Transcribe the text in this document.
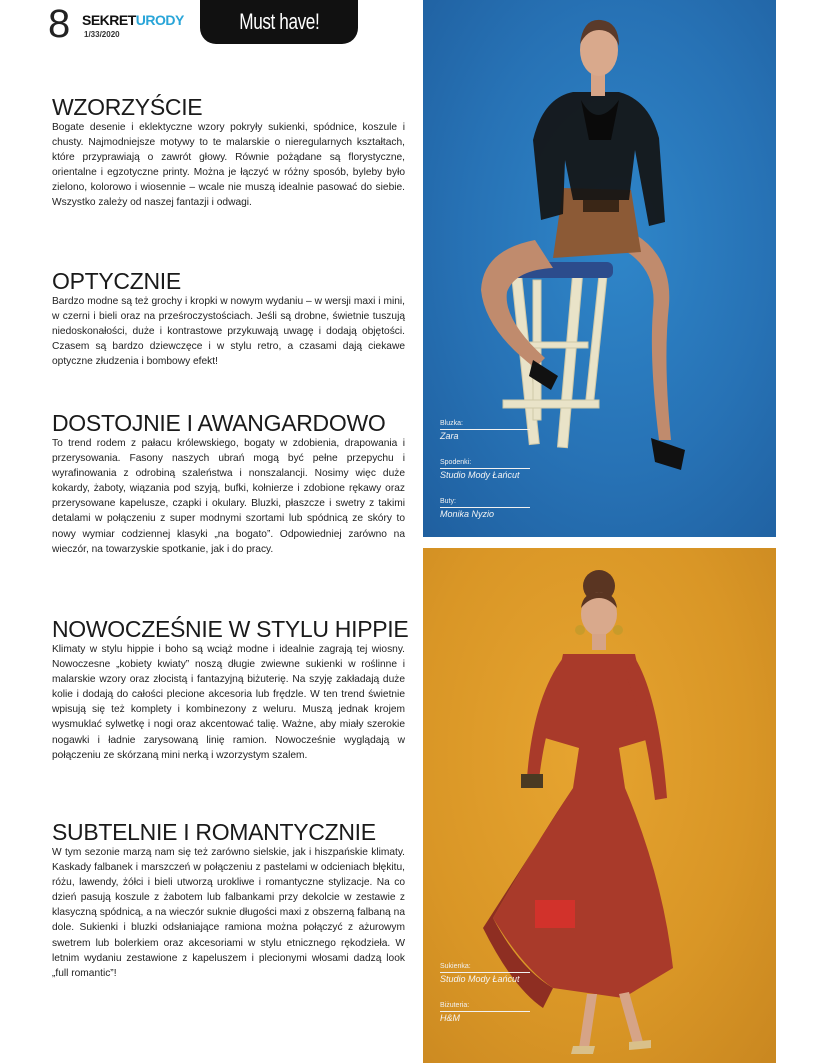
8 SEKRETURODY
1/33/2020
Must have!
WZORZYŚCIE

Bogate desenie i eklektyczne wzory pokryły sukienki, spódnice, koszule i chusty. Najmodniejsze motywy to te malarskie o nieregularnych kształtach, które przyprawiają o zawrót głowy. Równie pożądane są florystyczne, orientalne i egzotyczne printy. Można je łączyć w różny sposób, byleby było zielono, kolorowo i wiosennie – wcale nie muszą idealnie pasować do siebie. Wszystko zależy od naszej fantazji i odwagi.

OPTYCZNIE

Bardzo modne są też grochy i kropki w nowym wydaniu – w wersji maxi i mini, w czerni i bieli oraz na prześroczystościach. Jeśli są drobne, świetnie tuszują niedoskonałości, duże i kontrastowe przykuwają uwagę i dodają objętości. Czasem są bardzo dziewczęce i w stylu retro, a czasami dają ciekawe optyczne złudzenia i bombowy efekt!

DOSTOJNIE I AWANGARDOWO

To trend rodem z pałacu królewskiego, bogaty w zdobienia, drapowania i przerysowania. Fasony naszych ubrań mogą być pełne przepychu i wyrafinowania z odrobiną szaleństwa i nonszalancji. Nosimy więc duże kokardy, żaboty, wiązania pod szyją, bufki, kołnierze i zdobione rękawy oraz przerysowane kapelusze, czapki i okulary. Bluzki, płaszcze i swetry z takimi detalami w połączeniu z super modnymi szortami lub spódnicą ze skóry to nowy wymiar codziennej klasyki „na bogato”. Odpowiedniej zarówno na wieczór, na towarzyskie spotkanie, jak i do pracy.

NOWOCZEŚNIE W STYLU HIPPIE

Klimaty w stylu hippie i boho są wciąż modne i idealnie zagrają tej wiosny. Nowoczesne „kobiety kwiaty” noszą długie zwiewne sukienki w roślinne i malarskie wzory oraz złocistą i fantazyjną biżuterię. Na szyję zakładają duże kolie i dodają do całości plecione akcesoria lub frędzle. W ten trend świetnie wpisują się też komplety i kombinezony z weluru. Muszą jednak krojem wysmuklać sylwetkę i nogi oraz akcentować talię. Ważne, aby miały szerokie nogawki i ładnie zarysowaną linię ramion. Nowocześnie wyglądają w połączeniu ze skórzaną mini nerką i wzorzystym szalem.

SUBTELNIE I ROMANTYCZNIE

W tym sezonie marzą nam się też zarówno sielskie, jak i hiszpańskie klimaty. Kaskady falbanek i marszczeń w połączeniu z pastelami w odcieniach błękitu, różu, lawendy, żółci i bieli utworzą urokliwe i romantyczne stylizacje. Na co dzień pasują koszule z żabotem lub falbankami przy dekolcie w zestawie z klasyczną spódnicą, a na wieczór suknie długości maxi z obszerną falbaną na dole. Sukienki i bluzki odsłaniające ramiona można połączyć z ażurowym swetrem lub bolerkiem oraz akcesoriami w stylu etnicznego rękodzieła. W letnim wydaniu zestawione z kapeluszem i plecionymi włosami dadzą look „full romantic”!

Bluzka:
Zara
Spodenki:
Studio Mody Łańcut
Buty:
Monika Nyzio
Sukienka:
Studio Mody Łańcut
Biżuteria:
H&M
